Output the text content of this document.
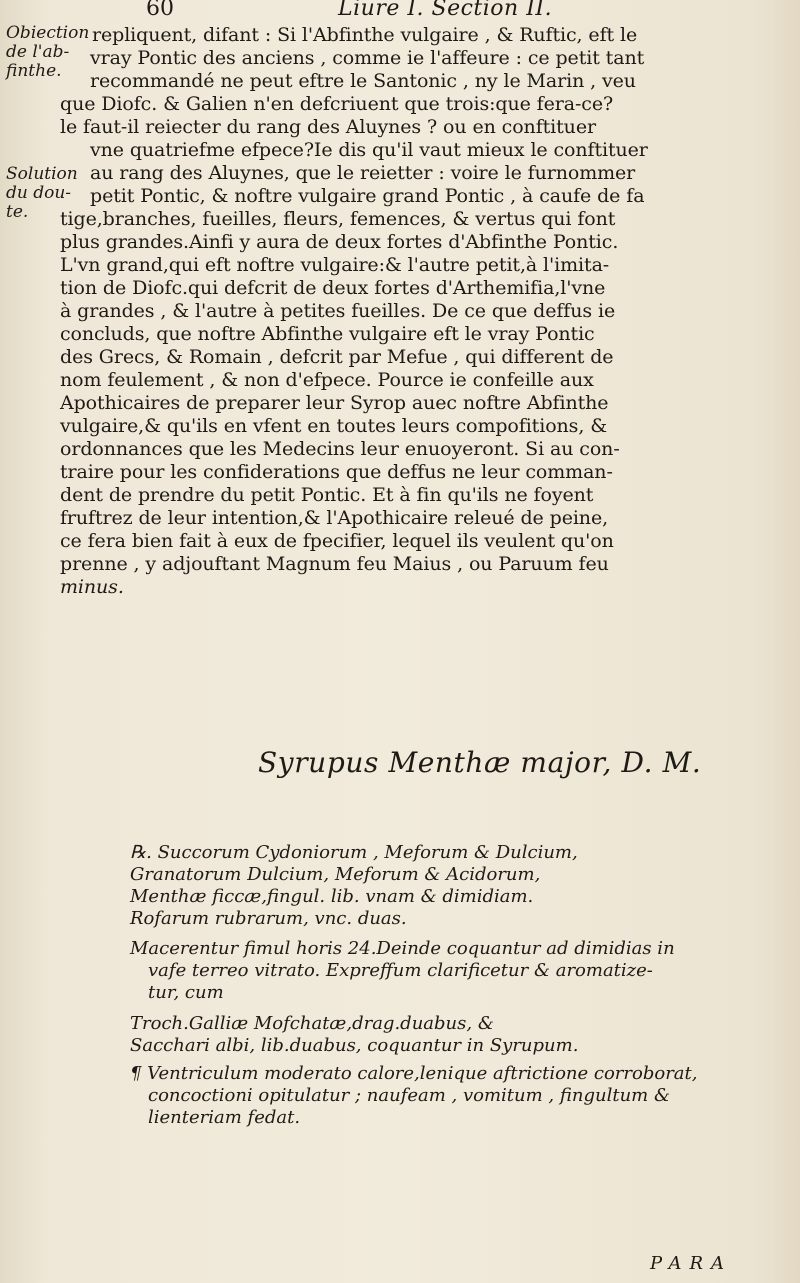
60	Liure I. Section II.
Obiection
de l'ab-
finthe.
Solution
du dou-
te.
repliquent, difant : Si l'Abfinthe vulgaire , & Ruftic, eft le
vray Pontic des anciens , comme ie l'affeure : ce petit tant
recommandé ne peut eftre le Santonic , ny le Marin , veu
que Diofc. & Galien n'en defcriuent que trois:que fera-ce?
le faut-il reiecter du rang des Aluynes ? ou en conftituer
vne quatriefme efpece?Ie dis qu'il vaut mieux le conftituer
au rang des Aluynes, que le reietter : voire le furnommer
petit Pontic, & noftre vulgaire grand Pontic , à caufe de fa
tige,branches, fueilles, fleurs, femences, & vertus qui font
plus grandes.Ainfi y aura de deux fortes d'Abfinthe Pontic.
L'vn grand,qui eft noftre vulgaire:& l'autre petit,à l'imita-
tion de Diofc.qui defcrit de deux fortes d'Arthemifia,l'vne
à grandes , & l'autre à petites fueilles. De ce que deffus ie
concluds, que noftre Abfinthe vulgaire eft le vray Pontic
des Grecs, & Romain , defcrit par Mefue , qui different de
nom feulement , & non d'efpece. Pource ie confeille aux
Apothicaires de preparer leur Syrop auec noftre Abfinthe
vulgaire,& qu'ils en vfent en toutes leurs compofitions, &
ordonnances que les Medecins leur enuoyeront. Si au con-
traire pour les confiderations que deffus ne leur comman-
dent de prendre du petit Pontic. Et à fin qu'ils ne foyent
fruftrez de leur intention,& l'Apothicaire releué de peine,
ce fera bien fait à eux de fpecifier, lequel ils veulent qu'on
prenne , y adjouftant Magnum feu Maius , ou Paruum feu
minus.
Syrupus Menthæ major, D. M.
℞. Succorum Cydoniorum , Meforum & Dulcium,
Granatorum Dulcium, Meforum & Acidorum,
Menthæ ficcæ,fingul. lib. vnam & dimidiam.
Rofarum rubrarum, vnc. duas.
Macerentur fimul horis 24.Deinde coquantur ad dimidias in
vafe terreo vitrato. Expreffum clarificetur & aromatize-
tur, cum
Troch.Galliæ Mofchatæ,drag.duabus, &
Sacchari albi, lib.duabus, coquantur in Syrupum.
¶ Ventriculum moderato calore,lenique aftrictione corroborat,
concoctioni opitulatur ; naufeam , vomitum , fingultum &
lienteriam fedat.
PARA
